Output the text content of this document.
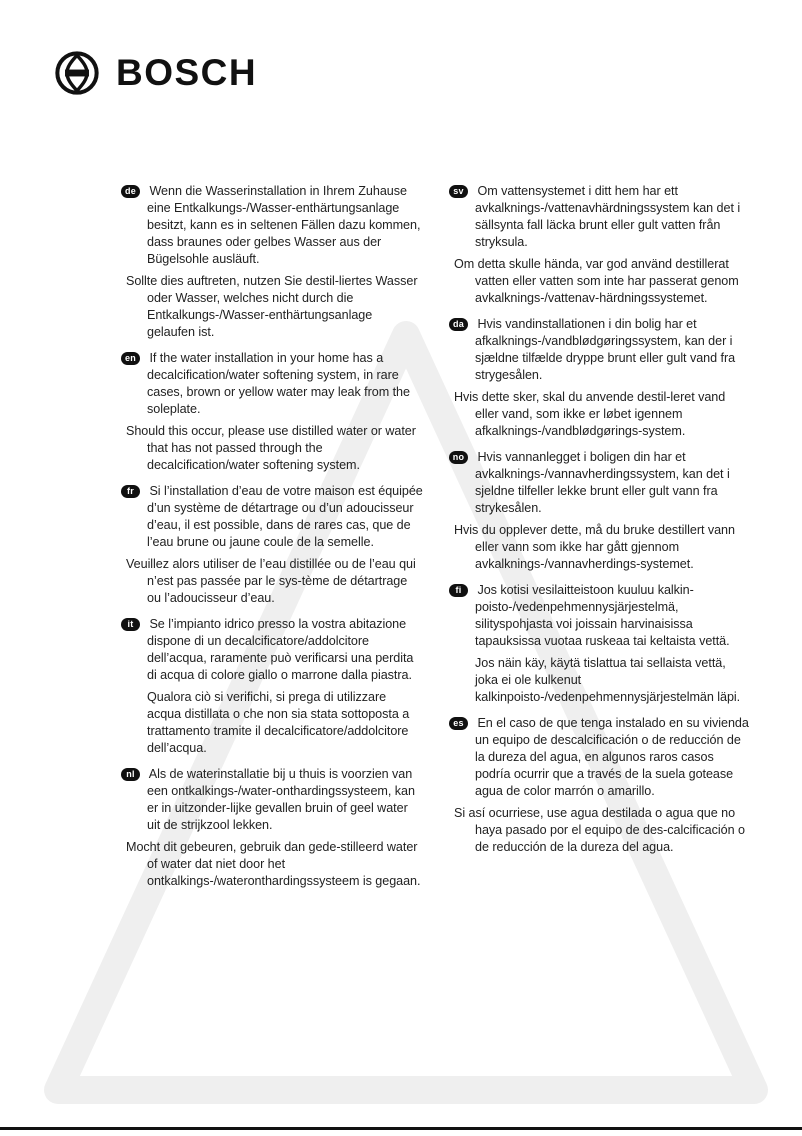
BOSCH

de Wenn die Wasserinstallation in Ihrem Zuhause eine Entkalkungs-/Wasser-enthärtungsanlage besitzt, kann es in seltenen Fällen dazu kommen, dass braunes oder gelbes Wasser aus der Bügelsohle ausläuft.

Sollte dies auftreten, nutzen Sie destil-liertes Wasser oder Wasser, welches nicht durch die Entkalkungs-/Wasser-enthärtungsanlage gelaufen ist.

en If the water installation in your home has a decalcification/water softening system, in rare cases, brown or yellow water may leak from the soleplate.

Should this occur, please use distilled water or water that has not passed through the decalcification/water softening system.

fr Si l’installation d’eau de votre maison est équipée d’un système de détartrage ou d’un adoucisseur d’eau, il est possible, dans de rares cas, que de l’eau brune ou jaune coule de la semelle.

Veuillez alors utiliser de l’eau distillée ou de l’eau qui n’est pas passée par le sys-tème de détartrage ou l’adoucisseur d’eau.

it Se l’impianto idrico presso la vostra abitazione dispone di un decalcificatore/addolcitore dell’acqua, raramente può verificarsi una perdita di acqua di colore giallo o marrone dalla piastra.

Qualora ciò si verifichi, si prega di utilizzare acqua distillata o che non sia stata sottoposta a trattamento tramite il decalcificatore/addolcitore dell’acqua.

nl Als de waterinstallatie bij u thuis is voorzien van een ontkalkings-/water-onthardingssysteem, kan er in uitzonder-lijke gevallen bruin of geel water uit de strijkzool lekken.

Mocht dit gebeuren, gebruik dan gede-stilleerd water of water dat niet door het ontkalkings-/wateronthardingssysteem is gegaan.

sv Om vattensystemet i ditt hem har ett avkalknings-/vattenavhärdningssystem kan det i sällsynta fall läcka brunt eller gult vatten från stryksula.

Om detta skulle hända, var god använd destillerat vatten eller vatten som inte har passerat genom avkalknings-/vattenav-härdningssystemet.

da Hvis vandinstallationen i din bolig har et afkalknings-/vandblødgøringssystem, kan der i sjældne tilfælde dryppe brunt eller gult vand fra strygesålen.

Hvis dette sker, skal du anvende destil-leret vand eller vand, som ikke er løbet igennem afkalknings-/vandblødgørings-system.

no Hvis vannanlegget i boligen din har et avkalknings-/vannavherdingssystem, kan det i sjeldne tilfeller lekke brunt eller gult vann fra strykesålen.

Hvis du opplever dette, må du bruke destillert vann eller vann som ikke har gått gjennom avkalknings-/vannavherdings-systemet.

fi Jos kotisi vesilaitteistoon kuuluu kalkin-poisto-/vedenpehmennysjärjestelmä, silityspohjasta voi joissain harvinaisissa tapauksissa vuotaa ruskeaa tai keltaista vettä.

Jos näin käy, käytä tislattua tai sellaista vettä, joka ei ole kulkenut kalkinpoisto-/vedenpehmennysjärjestelmän läpi.

es En el caso de que tenga instalado en su vivienda un equipo de descalcificación o de reducción de la dureza del agua, en algunos raros casos podría ocurrir que a través de la suela gotease agua de color marrón o amarillo.

Si así ocurriese, use agua destilada o agua que no haya pasado por el equipo de des-calcificación o de reducción de la dureza del agua.
